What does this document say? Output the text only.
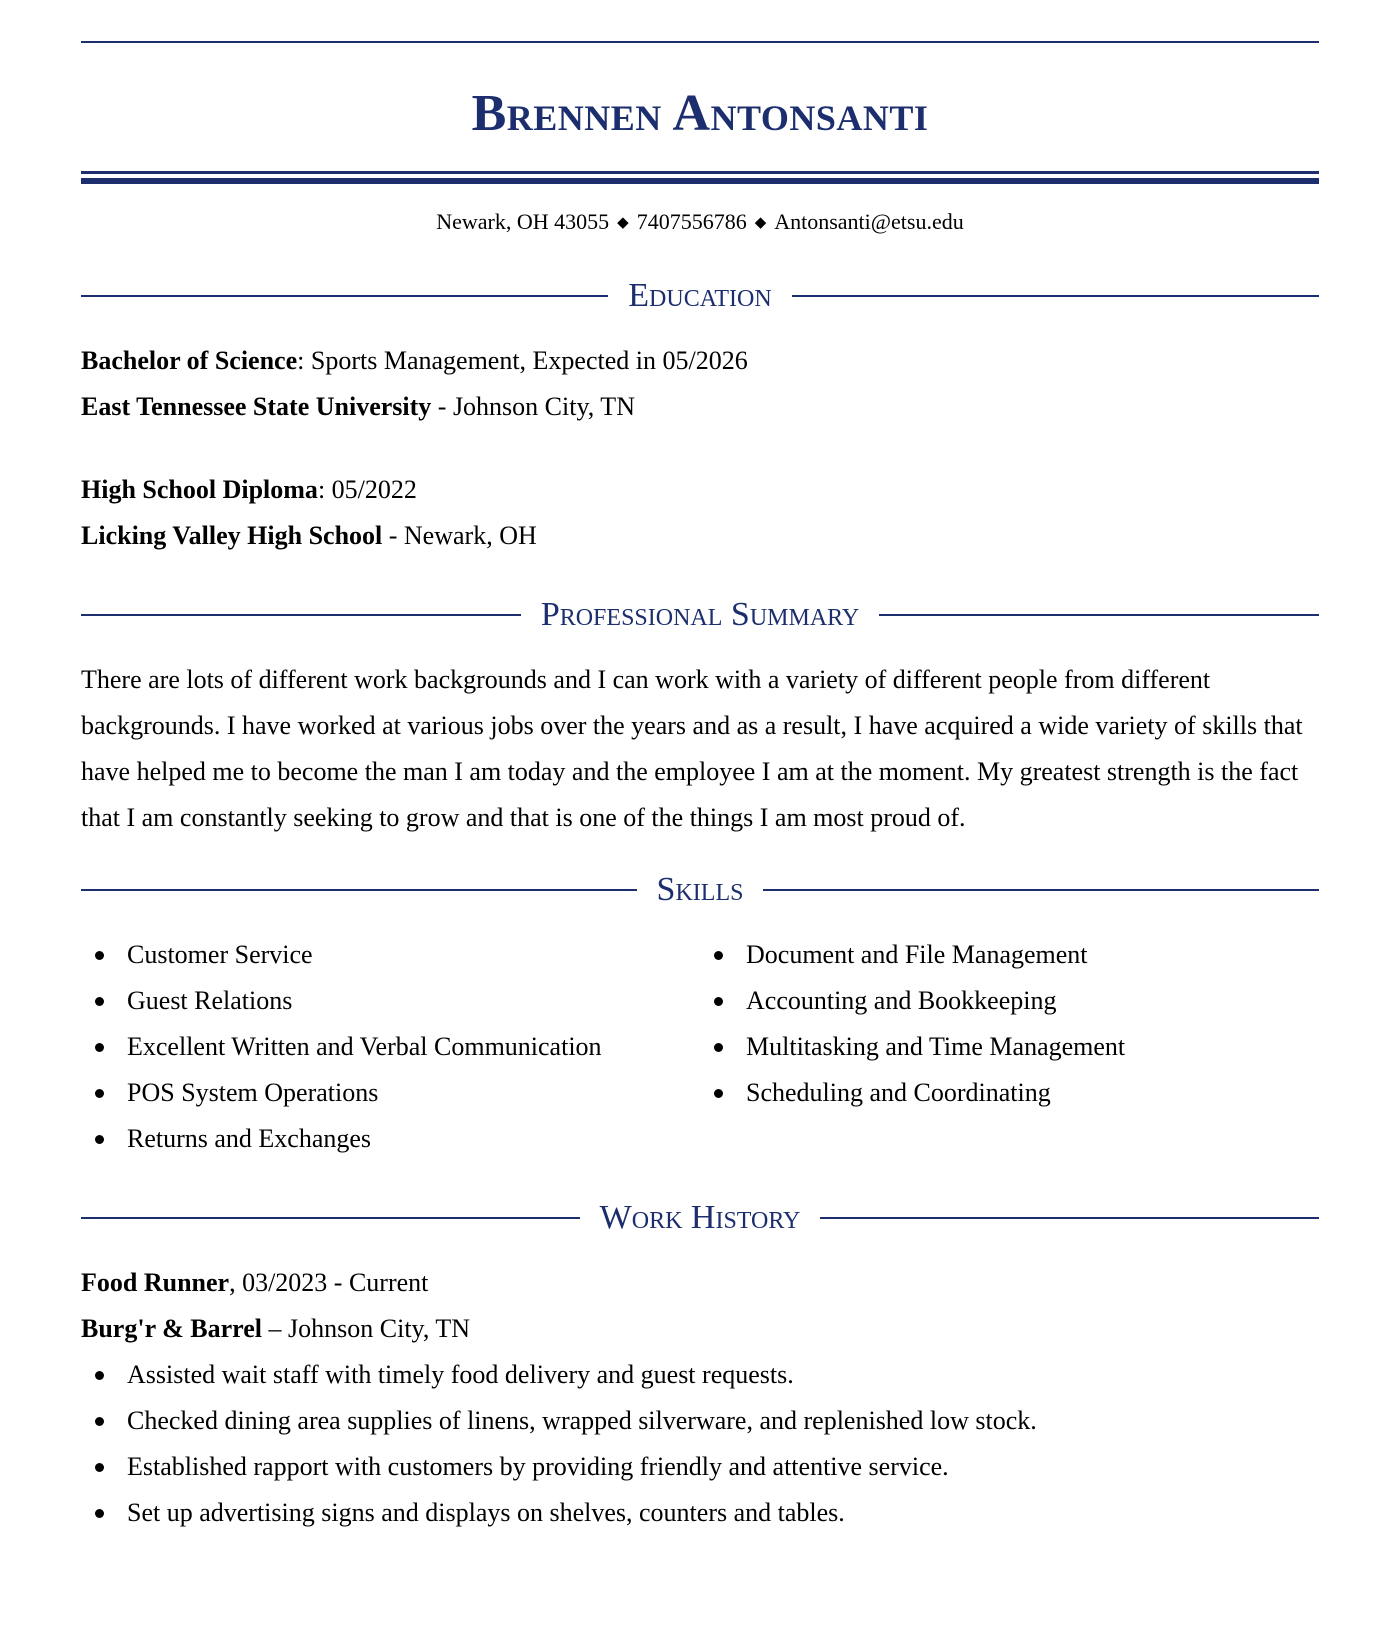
Brennen Antonsanti
Newark, OH 43055 ◆ 7407556786 ◆ Antonsanti@etsu.edu
Education
Bachelor of Science: Sports Management, Expected in 05/2026
East Tennessee State University - Johnson City, TN
High School Diploma: 05/2022
Licking Valley High School - Newark, OH
Professional Summary
There are lots of different work backgrounds and I can work with a variety of different people from different backgrounds. I have worked at various jobs over the years and as a result, I have acquired a wide variety of skills that have helped me to become the man I am today and the employee I am at the moment. My greatest strength is the fact that I am constantly seeking to grow and that is one of the things I am most proud of.
Skills
Customer Service
Guest Relations
Excellent Written and Verbal Communication
POS System Operations
Returns and Exchanges
Document and File Management
Accounting and Bookkeeping
Multitasking and Time Management
Scheduling and Coordinating
Work History
Food Runner, 03/2023 - Current
Burg'r & Barrel – Johnson City, TN
Assisted wait staff with timely food delivery and guest requests.
Checked dining area supplies of linens, wrapped silverware, and replenished low stock.
Established rapport with customers by providing friendly and attentive service.
Set up advertising signs and displays on shelves, counters and tables.
